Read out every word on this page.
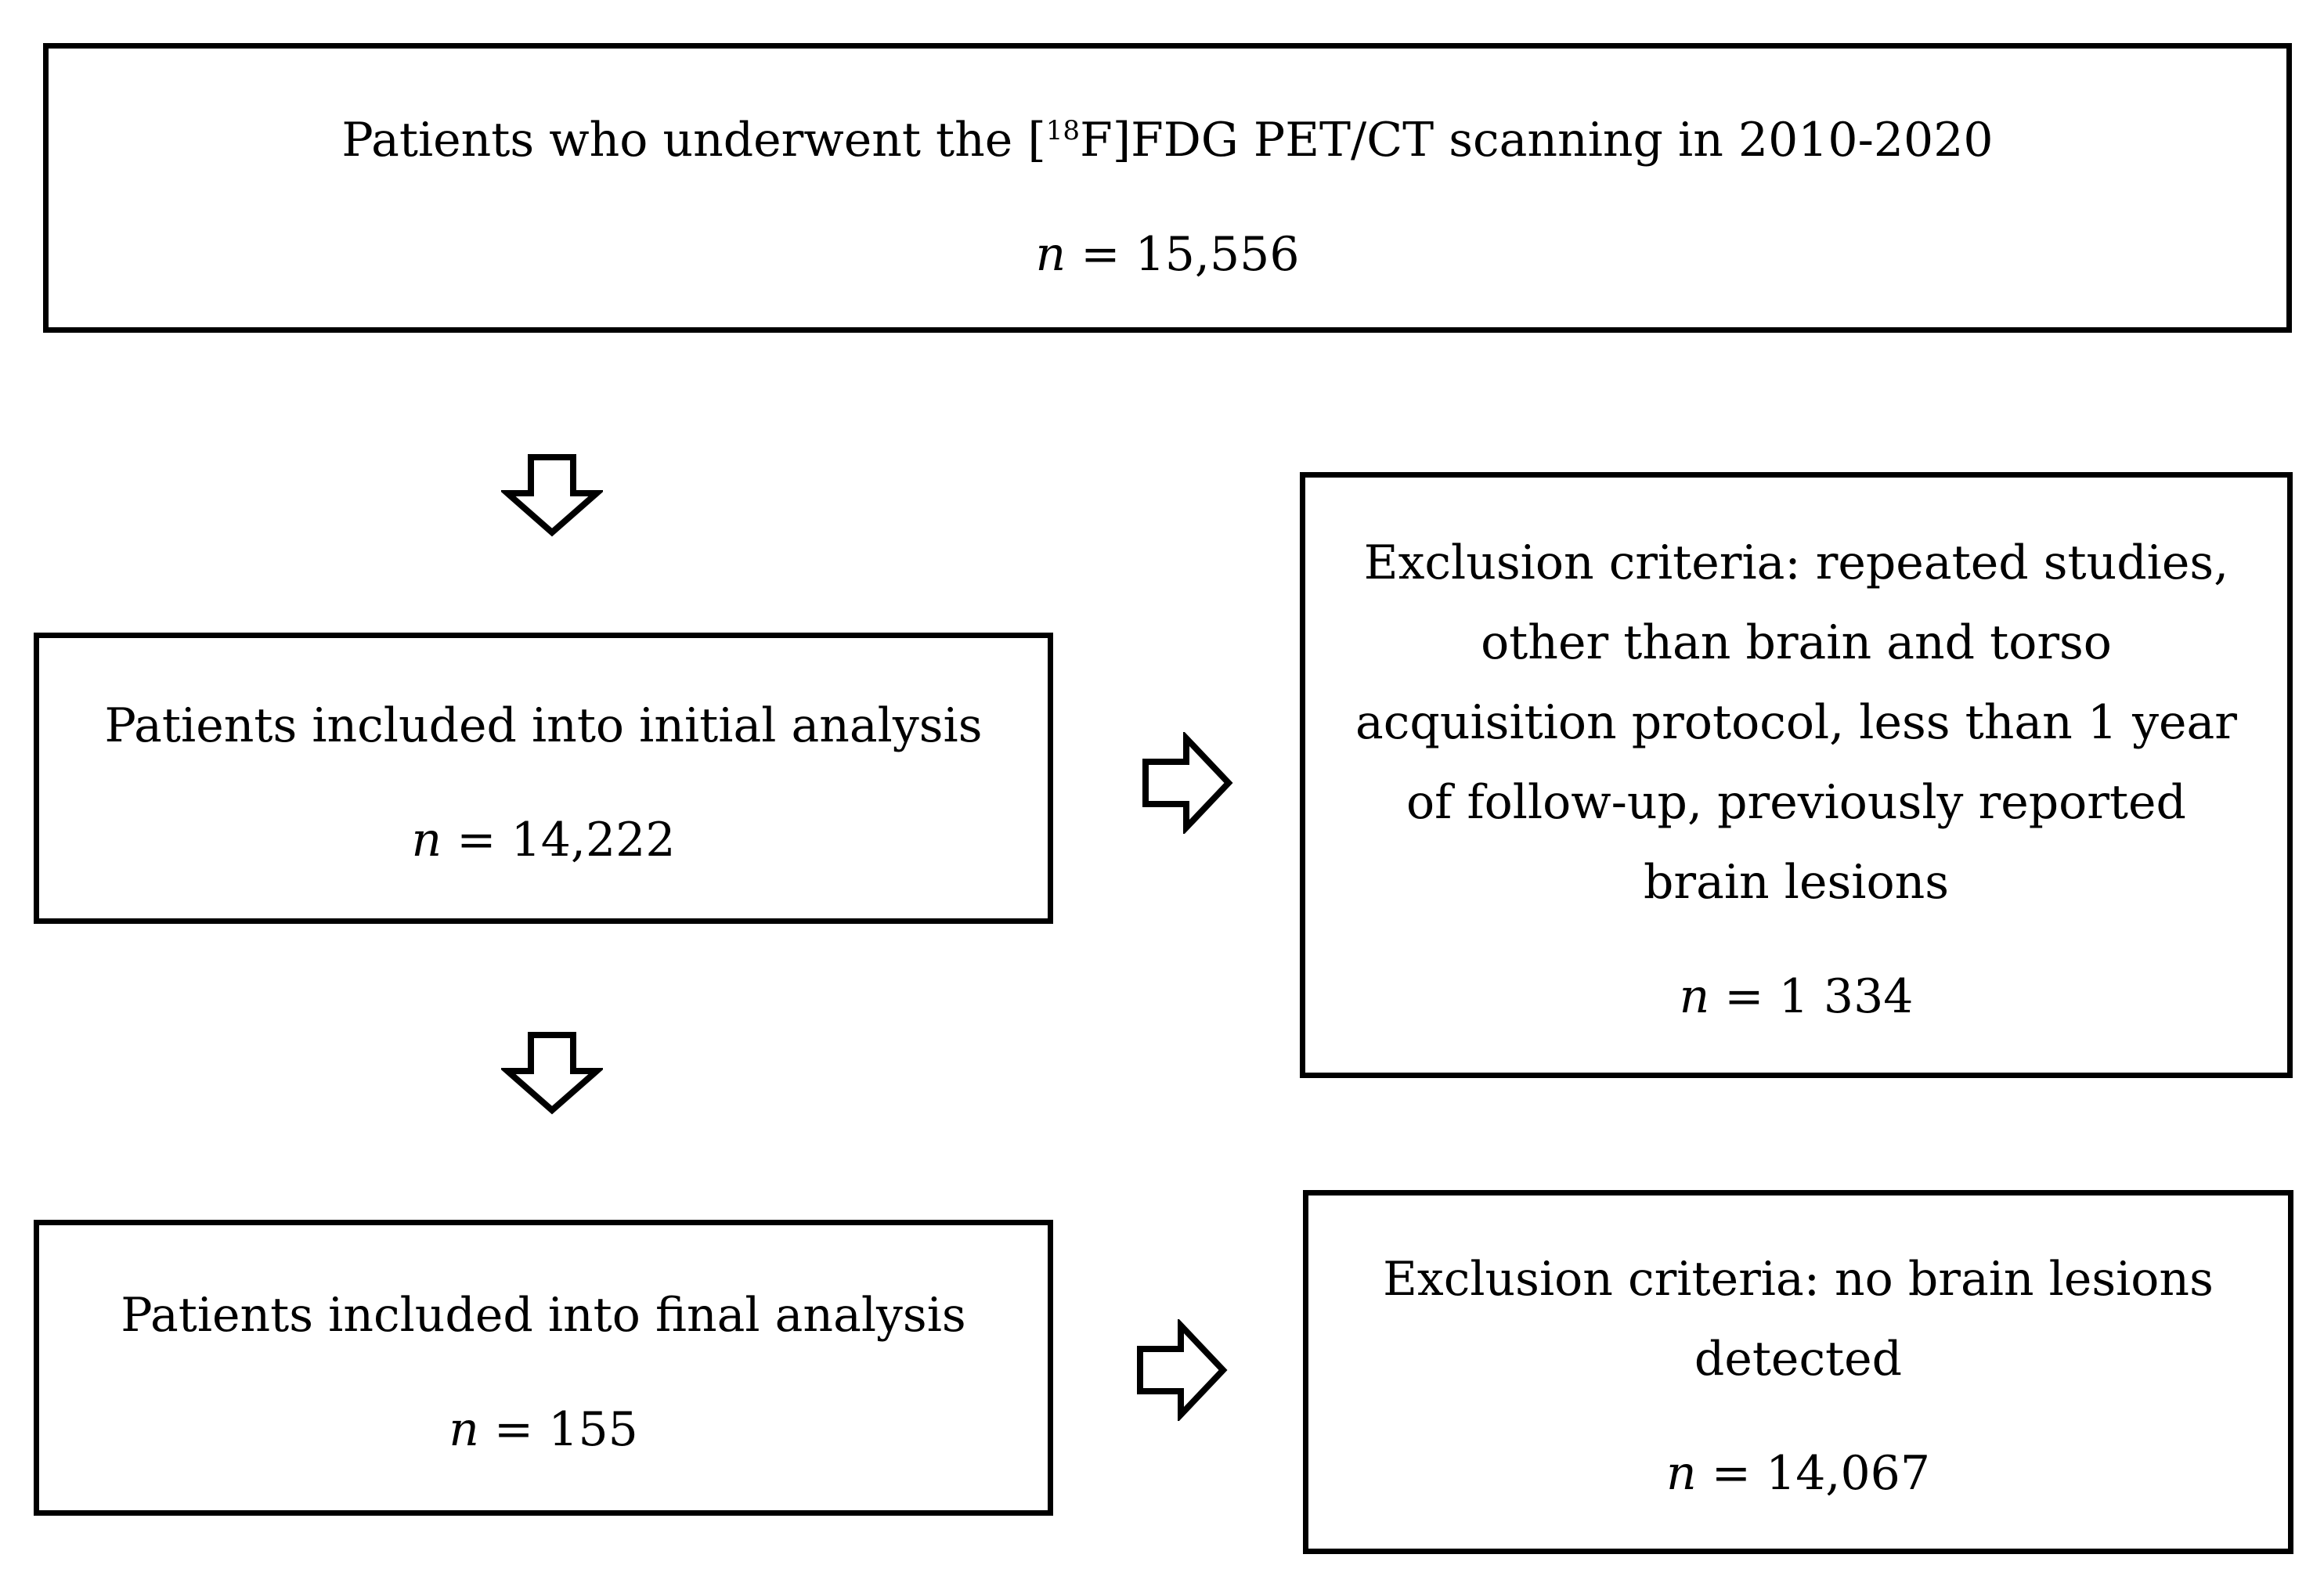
Patients who underwent the [$^{18}$F]FDG PET/CT scanning in 2010-2020
n = 15,556
Patients included into initial analysis
n = 14,222
Patients included into final analysis
n = 155
Exclusion criteria: repeated studies,
other than brain and torso
acquisition protocol, less than 1 year
of follow-up, previously reported
brain lesions
n = 1 334
Exclusion criteria: no brain lesions
detected
n = 14,067
